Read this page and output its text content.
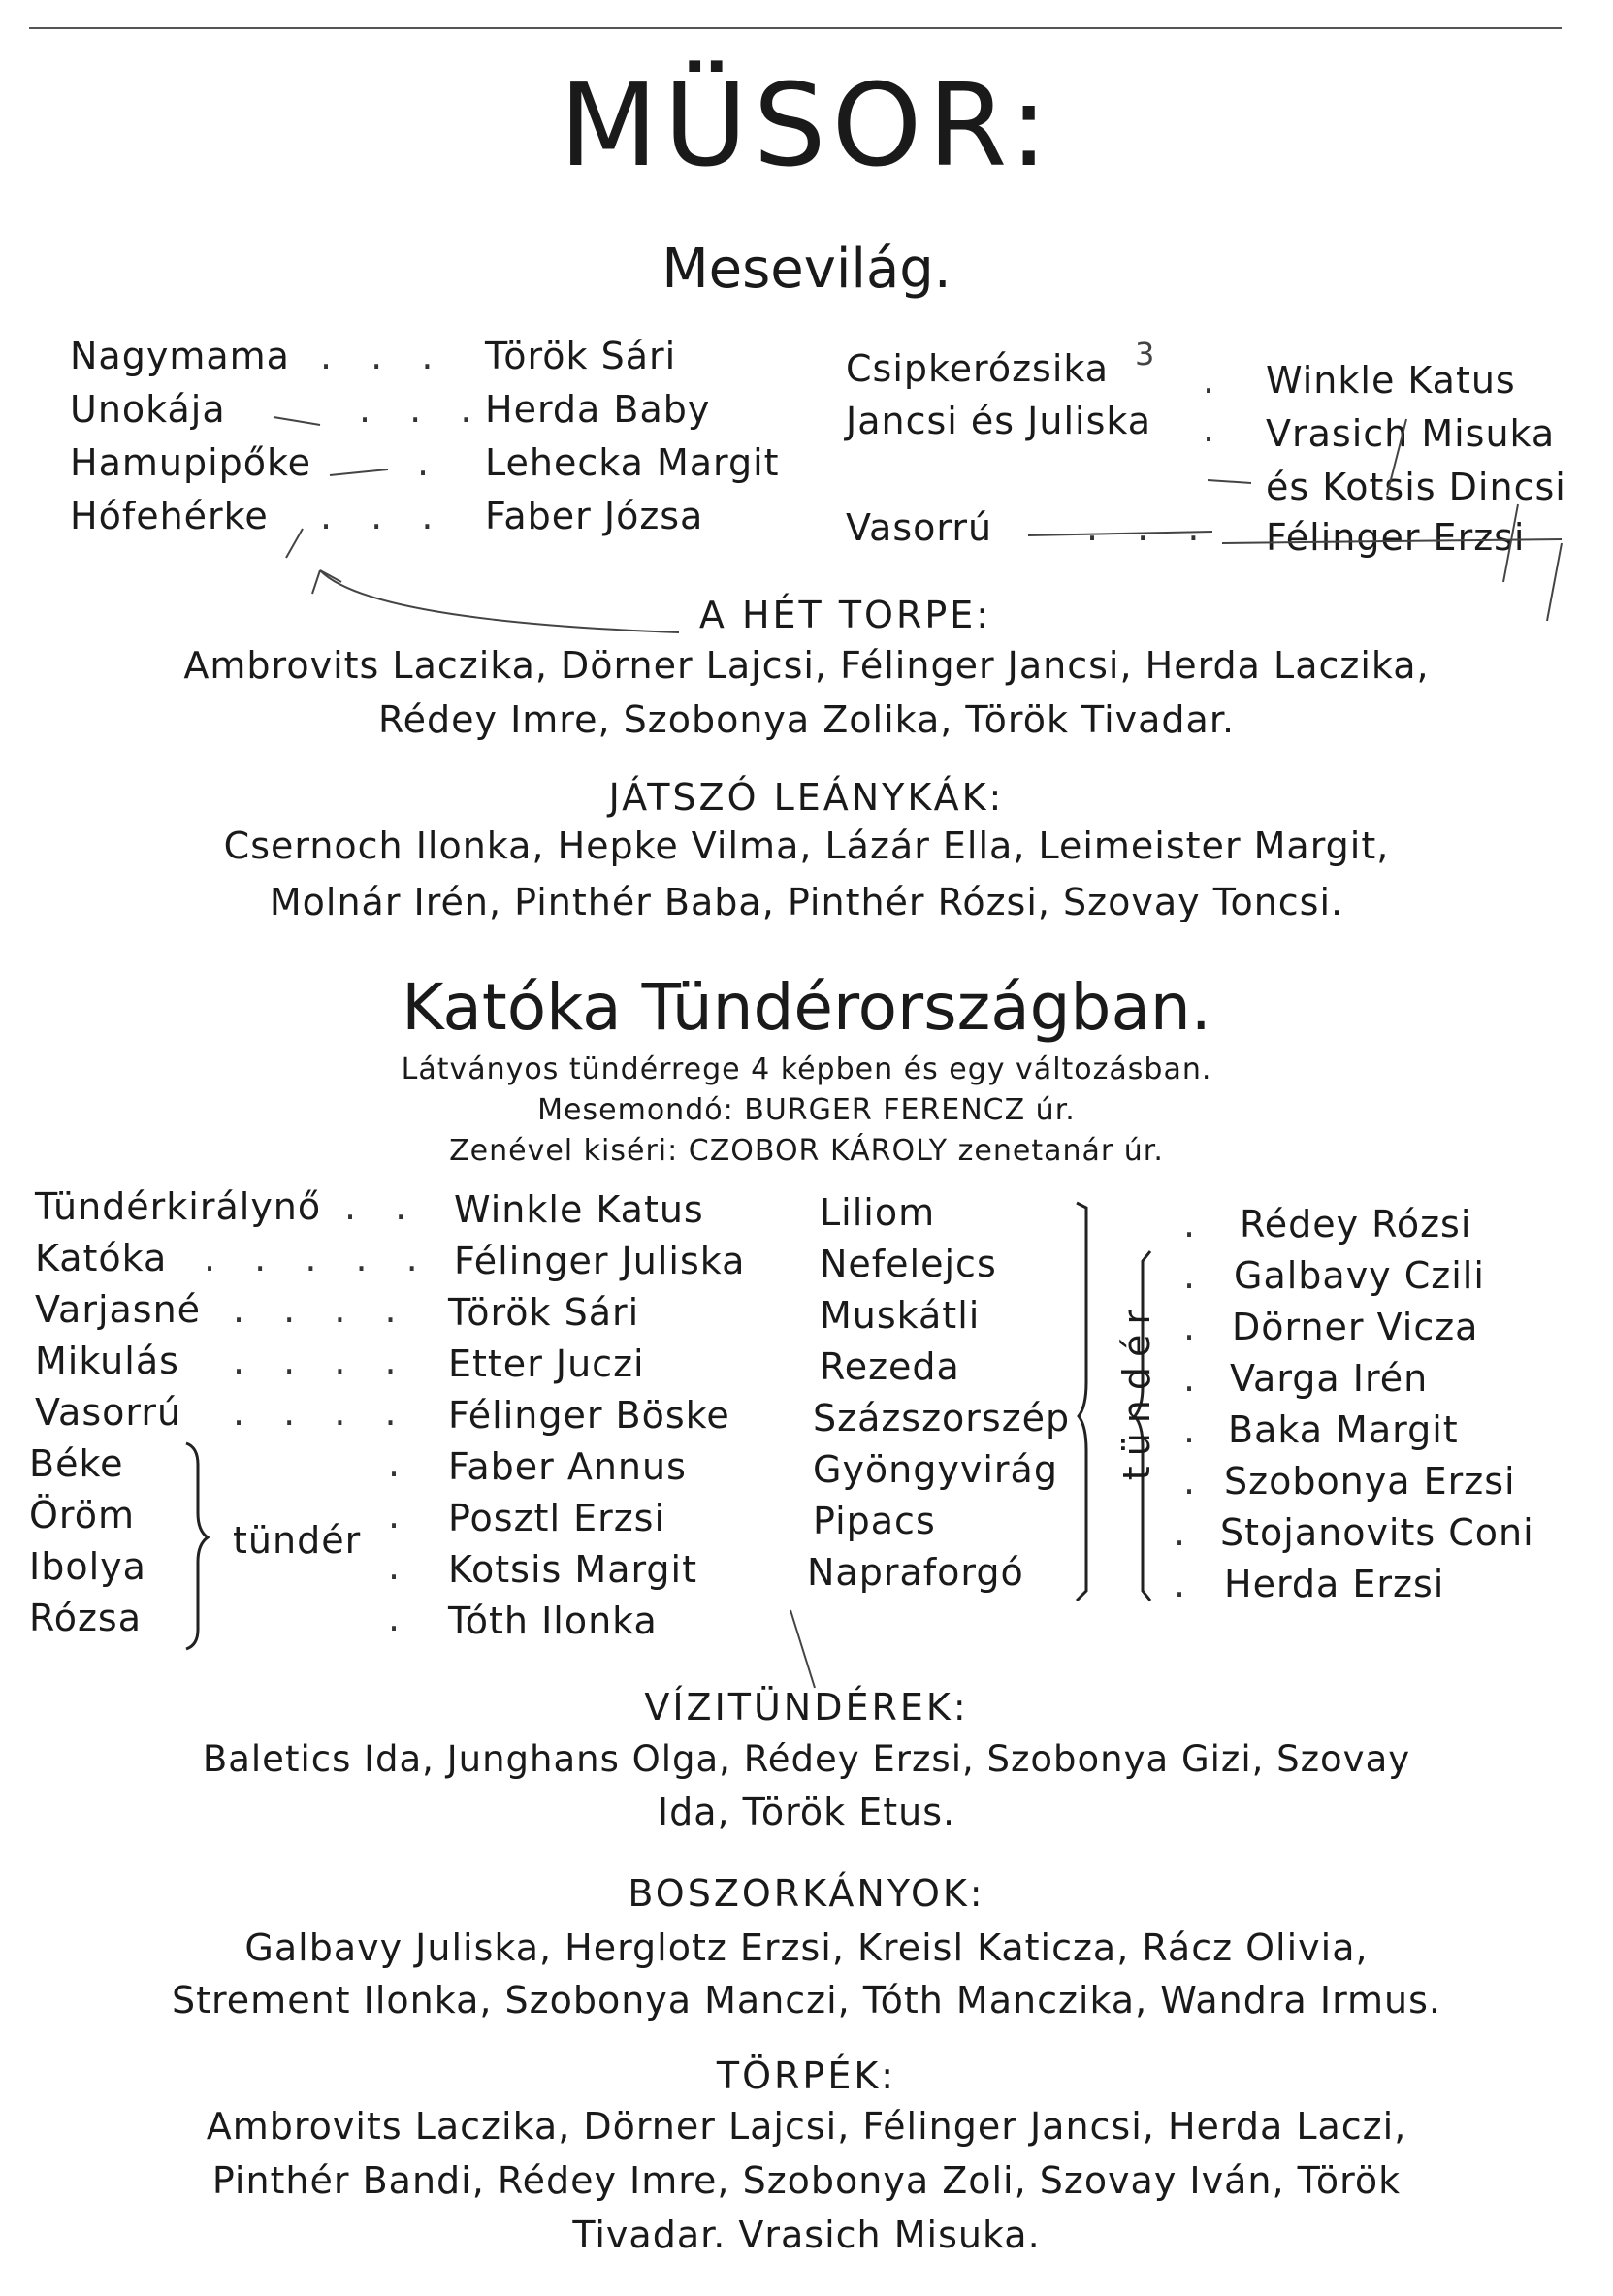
MÜSOR:
Mesevilág.
Nagymama
Unokája
Hamupipőke
Hófehérke
. . .
. . .
.
. . .
Török Sári
Herda Baby
Lehecka Margit
Faber Józsa
Csipkerózsika 3
Jancsi és Juliska
Vasorrú
.
.
. . .
Winkle Katus
Vrasich Misuka
és Kotsis Dincsi
Félinger Erzsi
A HÉT TORPE:
Ambrovits Laczika, Dörner Lajcsi, Félinger Jancsi, Herda Laczika,
Rédey Imre, Szobonya Zolika, Török Tivadar.
JÁTSZÓ LEÁNYKÁK:
Csernoch Ilonka, Hepke Vilma, Lázár Ella, Leimeister Margit,
Molnár Irén, Pinthér Baba, Pinthér Rózsi, Szovay Toncsi.
Katóka Tündérországban.
Látványos tündérrege 4 képben és egy változásban.
Mesemondó: BURGER FERENCZ úr.
Zenével kiséri: CZOBOR KÁROLY zenetanár úr.
Tündérkirálynő
Katóka
Varjasné
Mikulás
Vasorrú
Béke
Öröm
Ibolya
Rózsa
. .
. . . . .
. . . .
. . . .
. . . .
.
.
.
.
tündér
Winkle Katus
Félinger Juliska
Török Sári
Etter Juczi
Félinger Böske
Faber Annus
Posztl Erzsi
Kotsis Margit
Tóth Ilonka
Liliom
Nefelejcs
Muskátli
Rezeda
Százszorszép
Gyöngyvirág
Pipacs
Napraforgó
tündér
.
.
.
.
.
.
.
.
Rédey Rózsi
Galbavy Czili
Dörner Vicza
Varga Irén
Baka Margit
Szobonya Erzsi
Stojanovits Coni
Herda Erzsi
VÍZITÜNDÉREK:
Baletics Ida, Junghans Olga, Rédey Erzsi, Szobonya Gizi, Szovay
Ida, Török Etus.
BOSZORKÁNYOK:
Galbavy Juliska, Herglotz Erzsi, Kreisl Katicza, Rácz Olivia,
Strement Ilonka, Szobonya Manczi, Tóth Manczika, Wandra Irmus.
TÖRPÉK:
Ambrovits Laczika, Dörner Lajcsi, Félinger Jancsi, Herda Laczi,
Pinthér Bandi, Rédey Imre, Szobonya Zoli, Szovay Iván, Török
Tivadar. Vrasich Misuka.
